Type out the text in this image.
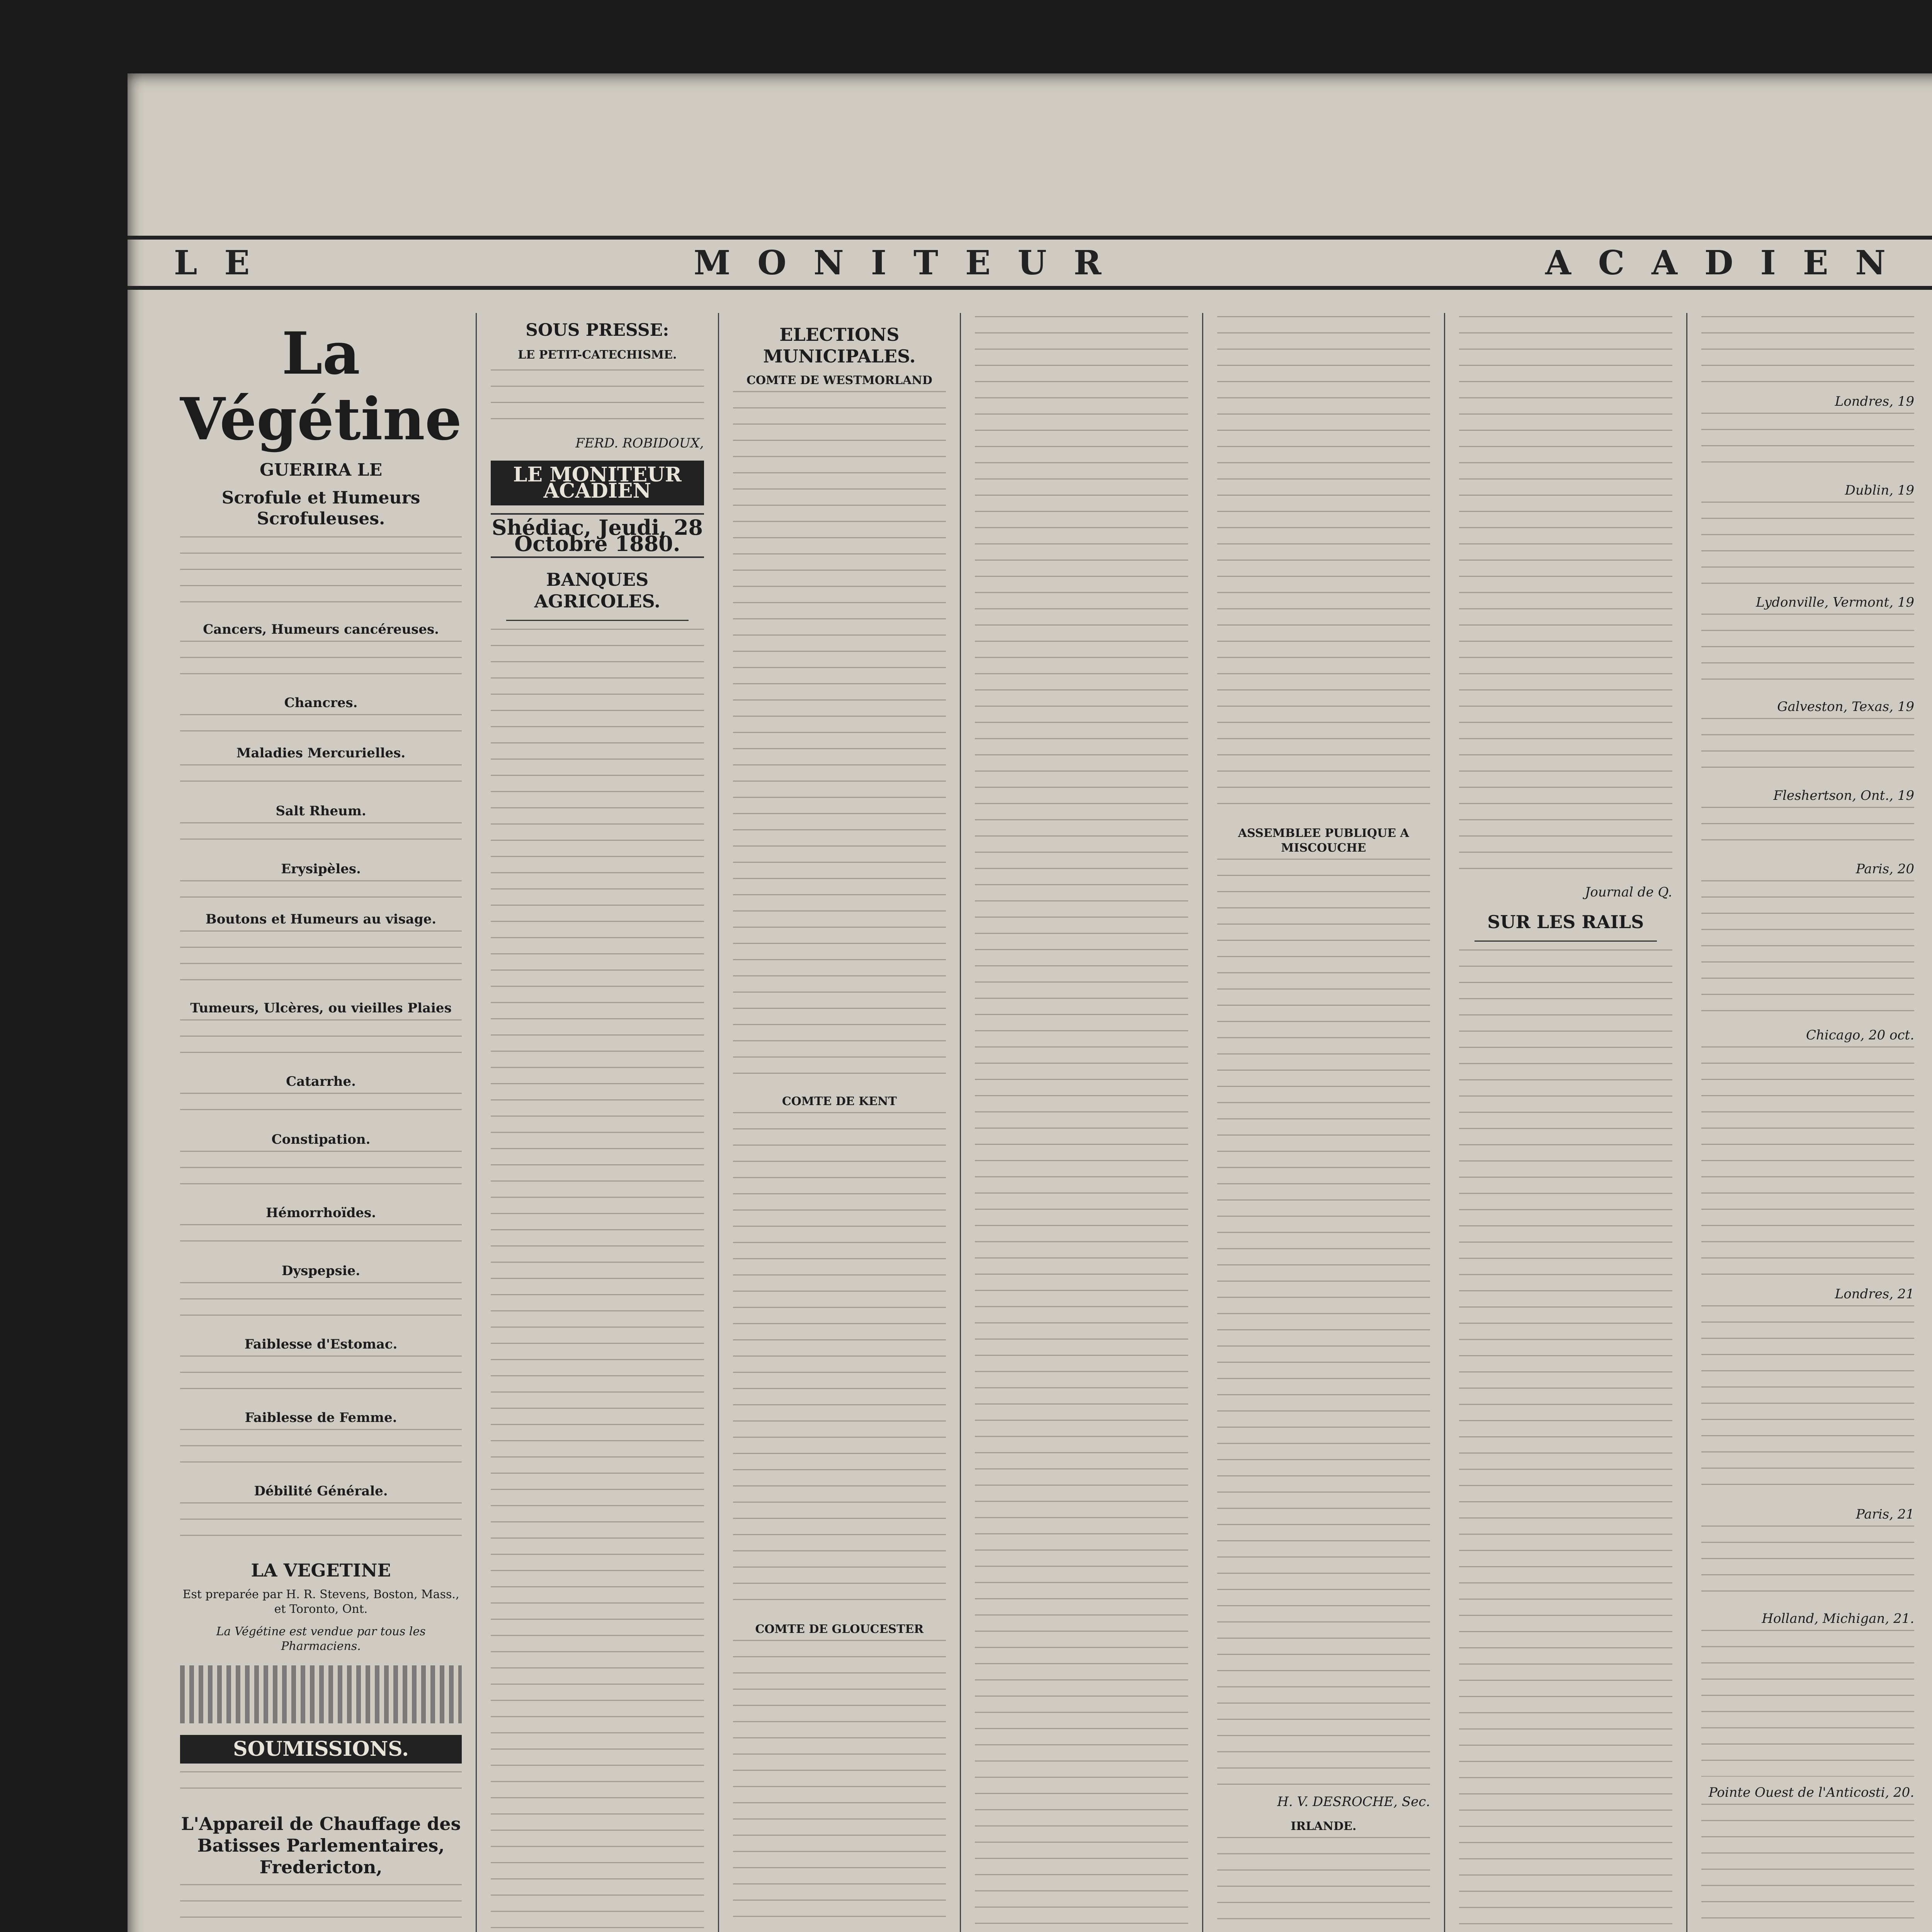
LE	MONITEUR	ACADIEN
La Végétine
GUERIRA LE
Scrofule et Humeurs Scrofuleuses.
Cancers, Humeurs cancéreuses.
Chancres.
Maladies Mercurielles.
Salt Rheum.
Erysipèles.
Boutons et Humeurs au visage.
Tumeurs, Ulcères, ou vieilles Plaies
Catarrhe.
Constipation.
Hémorrhoïdes.
Dyspepsie.
Faiblesse d'Estomac.
Faiblesse de Femme.
Débilité Générale.
LA VEGETINE
Est preparée par H. R. Stevens, Boston, Mass., et Toronto, Ont.
La Végétine est vendue par tous les Pharmaciens.
SOUMISSIONS.
L'Appareil de Chauffage des Batisses Parlementaires, Fredericton,
SOUS PRESSE:
LE PETIT-CATECHISME.
FERD. ROBIDOUX,
LE MONITEUR ACADIEN
Shédiac, Jeudi, 28 Octobre 1880.
BANQUES AGRICOLES.
ELECTIONS MUNICIPALES.
COMTE DE WESTMORLAND
COMTE DE KENT
COMTE DE GLOUCESTER
ASSEMBLEE PUBLIQUE A MISCOUCHE
H. V. DESROCHE, Sec.
IRLANDE.
Journal de Q.
SUR LES RAILS
Londres, 19
Dublin, 19
Lydonville, Vermont, 19
Galveston, Texas, 19
Fleshertson, Ont., 19
Paris, 20
Chicago, 20 oct.
Londres, 21
Paris, 21
Holland, Michigan, 21.
Pointe Ouest de l'Anticosti, 20.
